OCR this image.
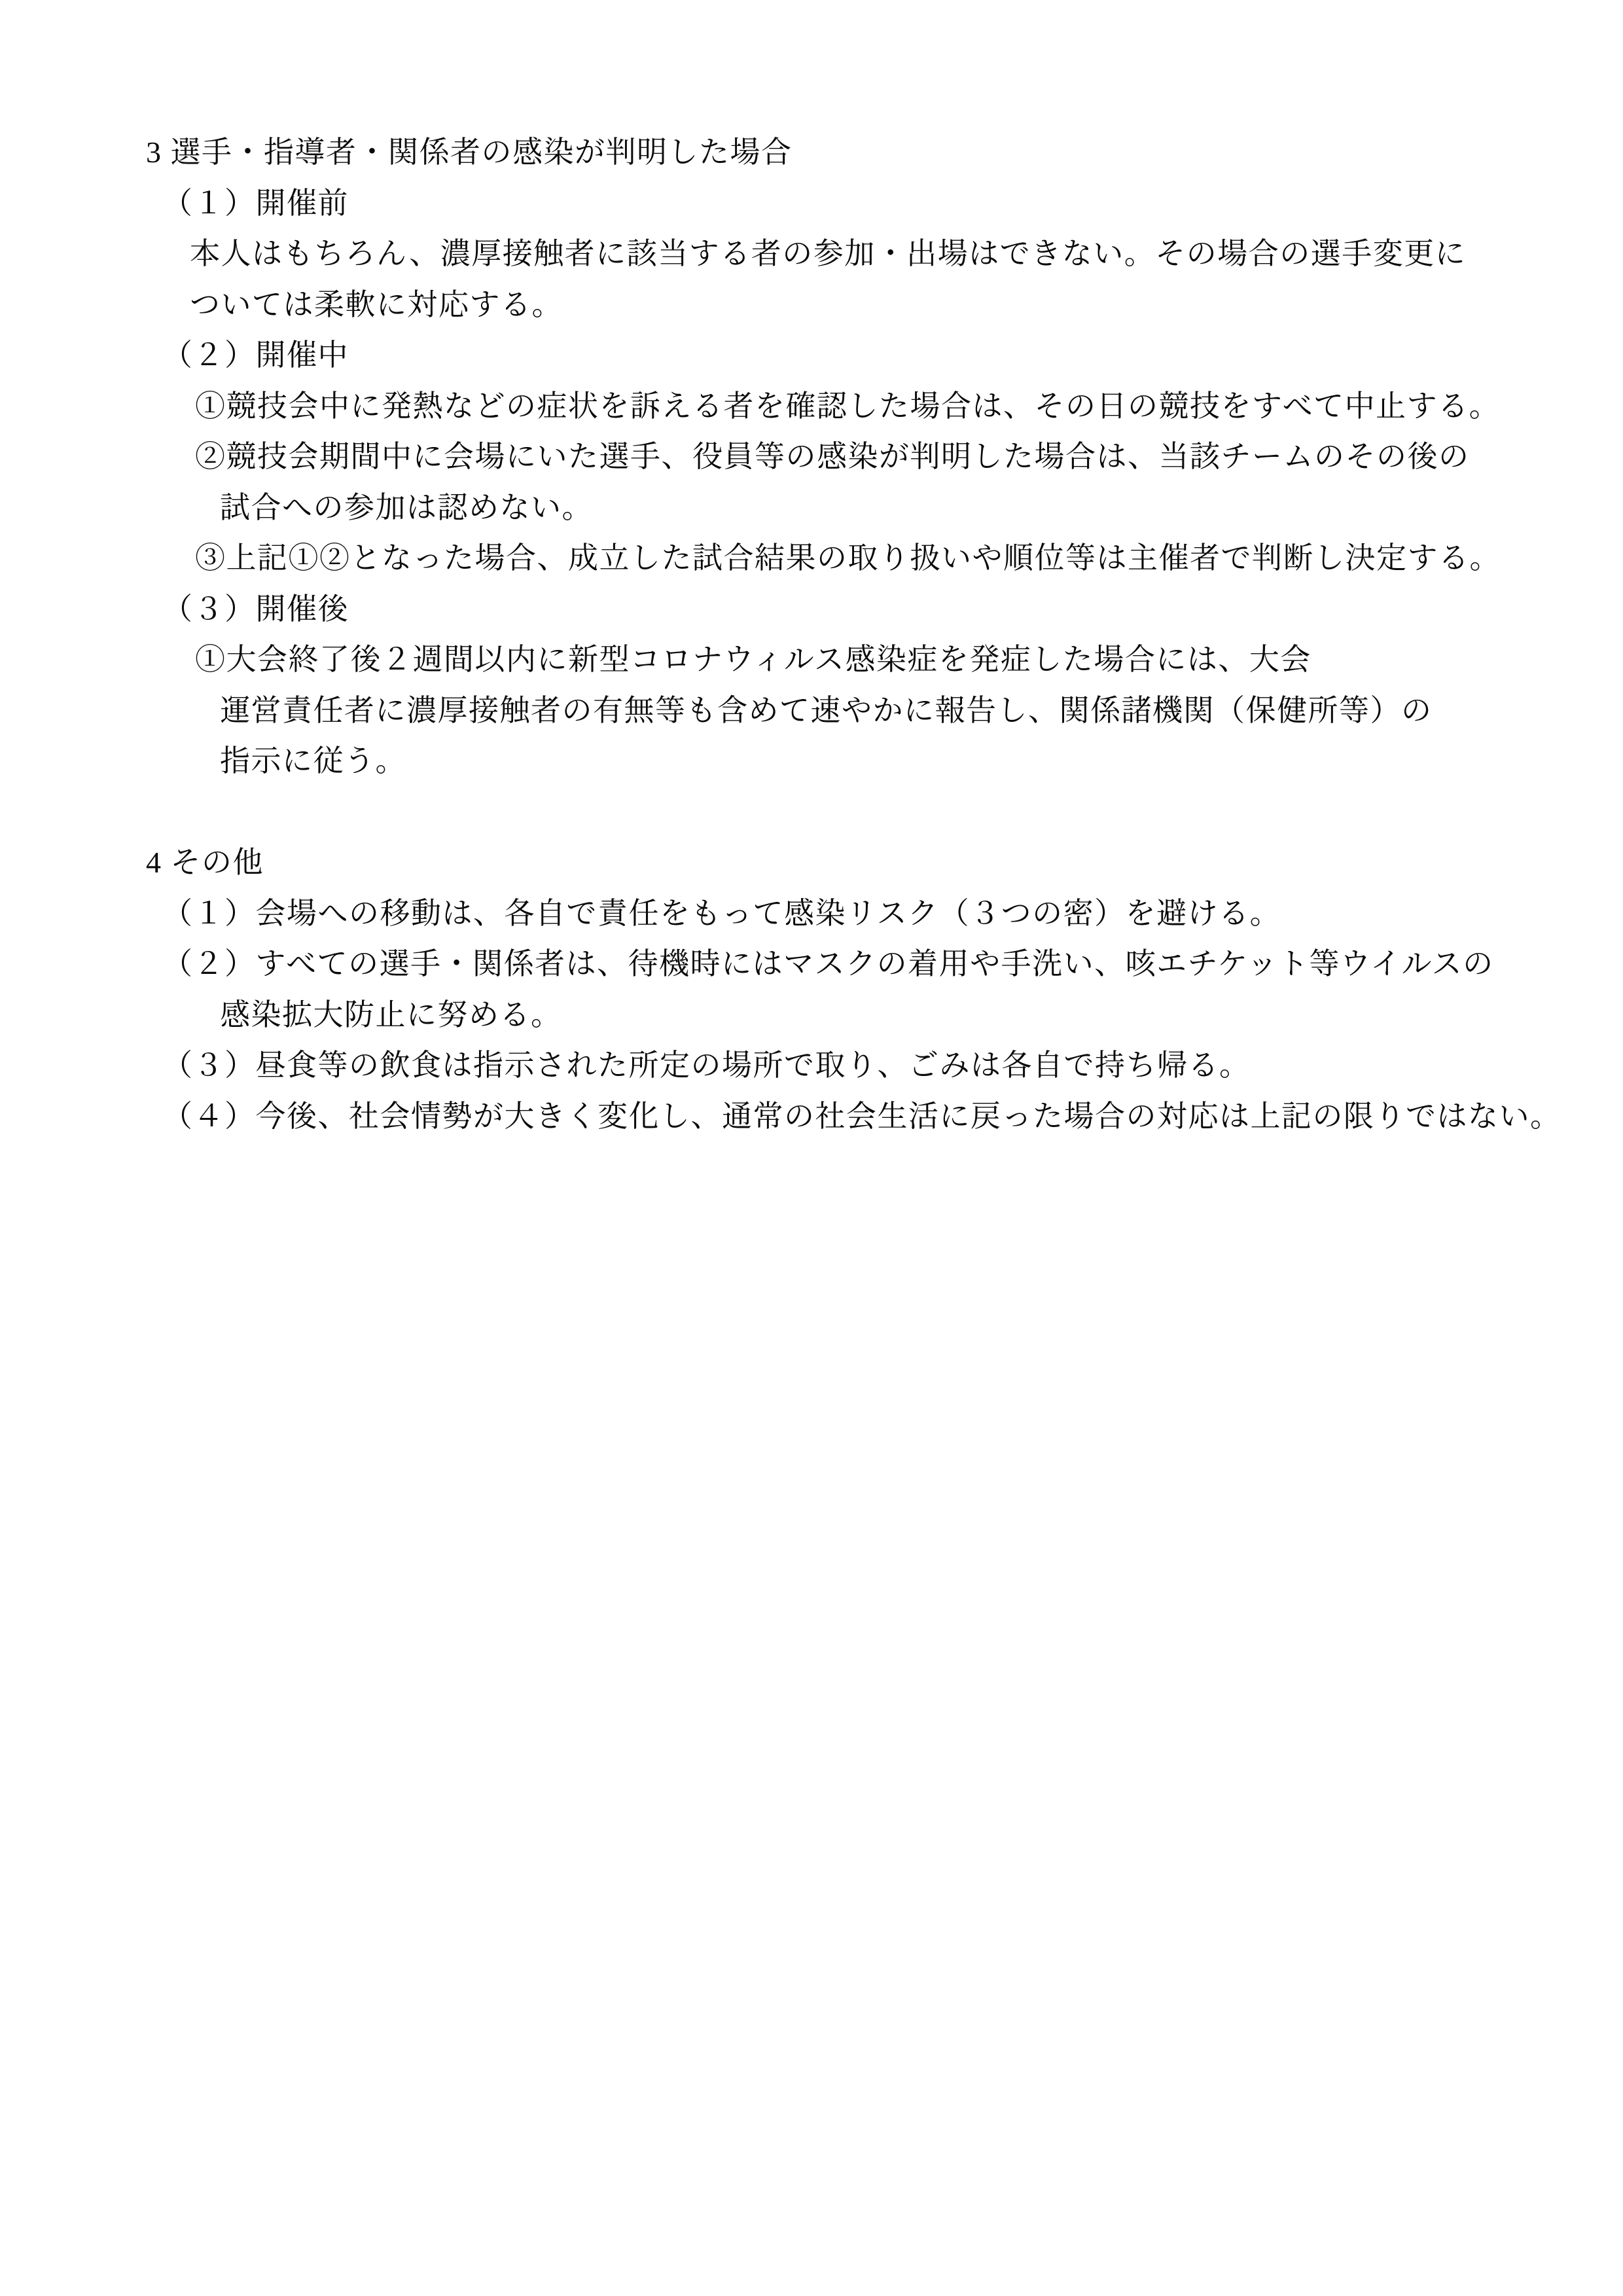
3 選手・指導者・関係者の感染が判明した場合
（１）開催前
本人はもちろん、濃厚接触者に該当する者の参加・出場はできない。その場合の選手変更に
ついては柔軟に対応する。
（２）開催中
①競技会中に発熱などの症状を訴える者を確認した場合は、その日の競技をすべて中止する。
②競技会期間中に会場にいた選手、役員等の感染が判明した場合は、当該チームのその後の
試合への参加は認めない。
③上記①②となった場合、成立した試合結果の取り扱いや順位等は主催者で判断し決定する。
（３）開催後
①大会終了後２週間以内に新型コロナウィルス感染症を発症した場合には、大会
運営責任者に濃厚接触者の有無等も含めて速やかに報告し、関係諸機関（保健所等）の
指示に従う。
4 その他
（１）会場への移動は、各自で責任をもって感染リスク（３つの密）を避ける。
（２）すべての選手・関係者は、待機時にはマスクの着用や手洗い、咳エチケット等ウイルスの
感染拡大防止に努める。
（３）昼食等の飲食は指示された所定の場所で取り、ごみは各自で持ち帰る。
（４）今後、社会情勢が大きく変化し、通常の社会生活に戻った場合の対応は上記の限りではない。
